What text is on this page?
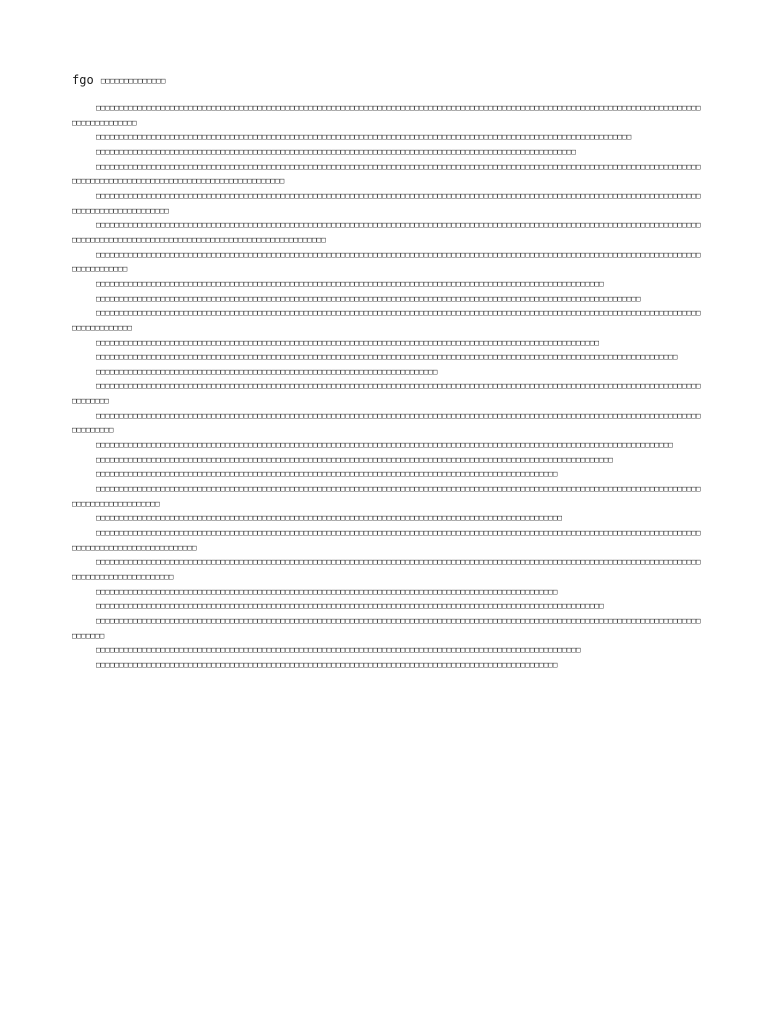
fgo □□□□□□□□□□□□□□

□□□□□□□□□□□□□□□□□□□□□□□□□□□□□□□□□□□□□□□□□□□□□□□□□□□□□□□□□□□□□□□□□□□□□□□□□□□□□□□□□□□□□□□□□□□□□□□□□□□□□□□□□□□□□□□□□□□□□□□□□□□□□□□□□□□□□□□□□□□□□□□□□

□□□□□□□□□□□□□□□□□□□□□□□□□□□□□□□□□□□□□□□□□□□□□□□□□□□□□□□□□□□□□□□□□□□□□□□□□□□□□□□□□□□□□□□□□□□□□□□□□□□□□□□□□□□□□□□□□□□□

□□□□□□□□□□□□□□□□□□□□□□□□□□□□□□□□□□□□□□□□□□□□□□□□□□□□□□□□□□□□□□□□□□□□□□□□□□□□□□□□□□□□□□□□□□□□□□□□□□□□□□□□

□□□□□□□□□□□□□□□□□□□□□□□□□□□□□□□□□□□□□□□□□□□□□□□□□□□□□□□□□□□□□□□□□□□□□□□□□□□□□□□□□□□□□□□□□□□□□□□□□□□□□□□□□□□□□□□□□□□□□□□□□□□□□□□□□□□□□□□□□□□□□□□□□□□□□□□□□□□□□□□□□□□□□□□□□□□□□□□□□

□□□□□□□□□□□□□□□□□□□□□□□□□□□□□□□□□□□□□□□□□□□□□□□□□□□□□□□□□□□□□□□□□□□□□□□□□□□□□□□□□□□□□□□□□□□□□□□□□□□□□□□□□□□□□□□□□□□□□□□□□□□□□□□□□□□□□□□□□□□□□□□□□□□□□□□□

□□□□□□□□□□□□□□□□□□□□□□□□□□□□□□□□□□□□□□□□□□□□□□□□□□□□□□□□□□□□□□□□□□□□□□□□□□□□□□□□□□□□□□□□□□□□□□□□□□□□□□□□□□□□□□□□□□□□□□□□□□□□□□□□□□□□□□□□□□□□□□□□□□□□□□□□□□□□□□□□□□□□□□□□□□□□□□□□□□□□□□□□□□

□□□□□□□□□□□□□□□□□□□□□□□□□□□□□□□□□□□□□□□□□□□□□□□□□□□□□□□□□□□□□□□□□□□□□□□□□□□□□□□□□□□□□□□□□□□□□□□□□□□□□□□□□□□□□□□□□□□□□□□□□□□□□□□□□□□□□□□□□□□□□□□

□□□□□□□□□□□□□□□□□□□□□□□□□□□□□□□□□□□□□□□□□□□□□□□□□□□□□□□□□□□□□□□□□□□□□□□□□□□□□□□□□□□□□□□□□□□□□□□□□□□□□□□□□□□□□□

□□□□□□□□□□□□□□□□□□□□□□□□□□□□□□□□□□□□□□□□□□□□□□□□□□□□□□□□□□□□□□□□□□□□□□□□□□□□□□□□□□□□□□□□□□□□□□□□□□□□□□□□□□□□□□□□□□□□□□

□□□□□□□□□□□□□□□□□□□□□□□□□□□□□□□□□□□□□□□□□□□□□□□□□□□□□□□□□□□□□□□□□□□□□□□□□□□□□□□□□□□□□□□□□□□□□□□□□□□□□□□□□□□□□□□□□□□□□□□□□□□□□□□□□□□□□□□□□□□□□□□□

□□□□□□□□□□□□□□□□□□□□□□□□□□□□□□□□□□□□□□□□□□□□□□□□□□□□□□□□□□□□□□□□□□□□□□□□□□□□□□□□□□□□□□□□□□□□□□□□□□□□□□□□□□□□□

□□□□□□□□□□□□□□□□□□□□□□□□□□□□□□□□□□□□□□□□□□□□□□□□□□□□□□□□□□□□□□□□□□□□□□□□□□□□□□□□□□□□□□□□□□□□□□□□□□□□□□□□□□□□□□□□□□□□□□□□□□□□□□

□□□□□□□□□□□□□□□□□□□□□□□□□□□□□□□□□□□□□□□□□□□□□□□□□□□□□□□□□□□□□□□□□□□□□□□□□□

□□□□□□□□□□□□□□□□□□□□□□□□□□□□□□□□□□□□□□□□□□□□□□□□□□□□□□□□□□□□□□□□□□□□□□□□□□□□□□□□□□□□□□□□□□□□□□□□□□□□□□□□□□□□□□□□□□□□□□□□□□□□□□□□□□□□□□□□□□□

□□□□□□□□□□□□□□□□□□□□□□□□□□□□□□□□□□□□□□□□□□□□□□□□□□□□□□□□□□□□□□□□□□□□□□□□□□□□□□□□□□□□□□□□□□□□□□□□□□□□□□□□□□□□□□□□□□□□□□□□□□□□□□□□□□□□□□□□□□□□

□□□□□□□□□□□□□□□□□□□□□□□□□□□□□□□□□□□□□□□□□□□□□□□□□□□□□□□□□□□□□□□□□□□□□□□□□□□□□□□□□□□□□□□□□□□□□□□□□□□□□□□□□□□□□□□□□□□□□□□□□□□□□

□□□□□□□□□□□□□□□□□□□□□□□□□□□□□□□□□□□□□□□□□□□□□□□□□□□□□□□□□□□□□□□□□□□□□□□□□□□□□□□□□□□□□□□□□□□□□□□□□□□□□□□□□□□□□□□□

□□□□□□□□□□□□□□□□□□□□□□□□□□□□□□□□□□□□□□□□□□□□□□□□□□□□□□□□□□□□□□□□□□□□□□□□□□□□□□□□□□□□□□□□□□□□□□□□□□□□

□□□□□□□□□□□□□□□□□□□□□□□□□□□□□□□□□□□□□□□□□□□□□□□□□□□□□□□□□□□□□□□□□□□□□□□□□□□□□□□□□□□□□□□□□□□□□□□□□□□□□□□□□□□□□□□□□□□□□□□□□□□□□□□□□□□□□□□□□□□□□□□□□□□□□□

□□□□□□□□□□□□□□□□□□□□□□□□□□□□□□□□□□□□□□□□□□□□□□□□□□□□□□□□□□□□□□□□□□□□□□□□□□□□□□□□□□□□□□□□□□□□□□□□□□□□□

□□□□□□□□□□□□□□□□□□□□□□□□□□□□□□□□□□□□□□□□□□□□□□□□□□□□□□□□□□□□□□□□□□□□□□□□□□□□□□□□□□□□□□□□□□□□□□□□□□□□□□□□□□□□□□□□□□□□□□□□□□□□□□□□□□□□□□□□□□□□□□□□□□□□□□□□□□□□□□

□□□□□□□□□□□□□□□□□□□□□□□□□□□□□□□□□□□□□□□□□□□□□□□□□□□□□□□□□□□□□□□□□□□□□□□□□□□□□□□□□□□□□□□□□□□□□□□□□□□□□□□□□□□□□□□□□□□□□□□□□□□□□□□□□□□□□□□□□□□□□□□□□□□□□□□□□

□□□□□□□□□□□□□□□□□□□□□□□□□□□□□□□□□□□□□□□□□□□□□□□□□□□□□□□□□□□□□□□□□□□□□□□□□□□□□□□□□□□□□□□□□□□□□□□□□□□□

□□□□□□□□□□□□□□□□□□□□□□□□□□□□□□□□□□□□□□□□□□□□□□□□□□□□□□□□□□□□□□□□□□□□□□□□□□□□□□□□□□□□□□□□□□□□□□□□□□□□□□□□□□□□□□

□□□□□□□□□□□□□□□□□□□□□□□□□□□□□□□□□□□□□□□□□□□□□□□□□□□□□□□□□□□□□□□□□□□□□□□□□□□□□□□□□□□□□□□□□□□□□□□□□□□□□□□□□□□□□□□□□□□□□□□□□□□□□□□□□□□□□□□□□□

□□□□□□□□□□□□□□□□□□□□□□□□□□□□□□□□□□□□□□□□□□□□□□□□□□□□□□□□□□□□□□□□□□□□□□□□□□□□□□□□□□□□□□□□□□□□□□□□□□□□□□□□□

□□□□□□□□□□□□□□□□□□□□□□□□□□□□□□□□□□□□□□□□□□□□□□□□□□□□□□□□□□□□□□□□□□□□□□□□□□□□□□□□□□□□□□□□□□□□□□□□□□□□
